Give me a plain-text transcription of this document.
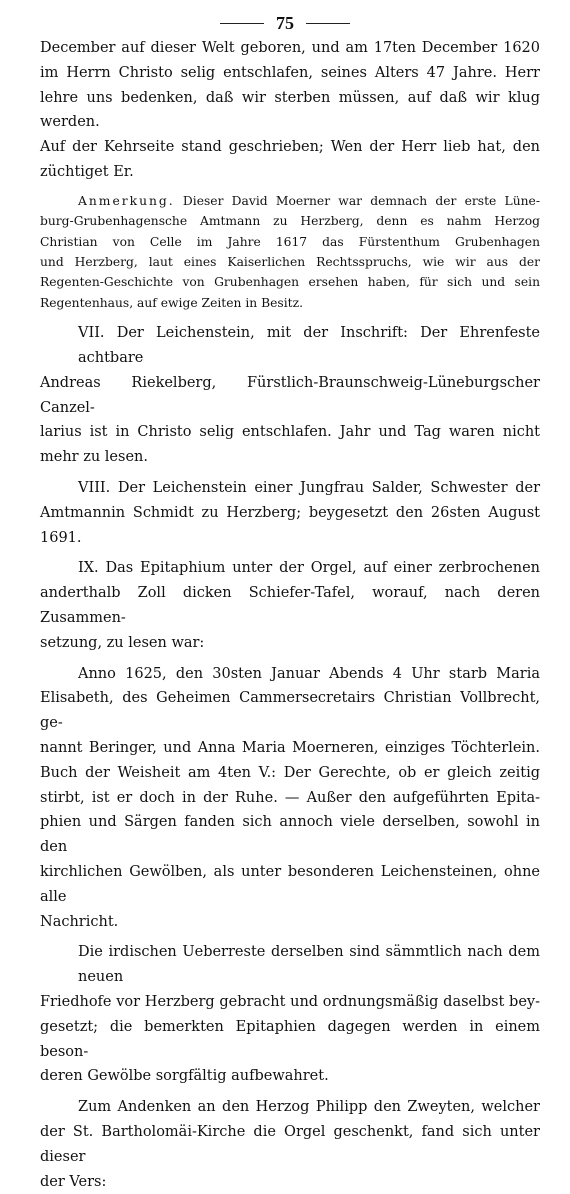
75

December auf dieser Welt geboren, und am 17ten December 1620

im Herrn Christo selig entschlafen, seines Alters 47 Jahre. Herr

lehre uns bedenken, daß wir sterben müssen, auf daß wir klug werden.

Auf der Kehrseite stand geschrieben; Wen der Herr lieb hat, den

züchtiget Er.

Anmerkung. Dieser David Moerner war demnach der erste Lüne-

burg-Grubenhagensche Amtmann zu Herzberg, denn es nahm Herzog

Christian von Celle im Jahre 1617 das Fürstenthum Grubenhagen

und Herzberg, laut eines Kaiserlichen Rechtsspruchs, wie wir aus der

Regenten-Geschichte von Grubenhagen ersehen haben, für sich und sein

Regentenhaus, auf ewige Zeiten in Besitz.

VII. Der Leichenstein, mit der Inschrift: Der Ehrenfeste achtbare

Andreas Riekelberg, Fürstlich-Braunschweig-Lüneburgscher Canzel-

larius ist in Christo selig entschlafen. Jahr und Tag waren nicht

mehr zu lesen.

VIII. Der Leichenstein einer Jungfrau Salder, Schwester der

Amtmannin Schmidt zu Herzberg; beygesetzt den 26sten August 1691.

IX. Das Epitaphium unter der Orgel, auf einer zerbrochenen

anderthalb Zoll dicken Schiefer-Tafel, worauf, nach deren Zusammen-

setzung, zu lesen war:

Anno 1625, den 30sten Januar Abends 4 Uhr starb Maria

Elisabeth, des Geheimen Cammersecretairs Christian Vollbrecht, ge-

nannt Beringer, und Anna Maria Moerneren, einziges Töchterlein.

Buch der Weisheit am 4ten V.: Der Gerechte, ob er gleich zeitig

stirbt, ist er doch in der Ruhe. — Außer den aufgeführten Epita-

phien und Särgen fanden sich annoch viele derselben, sowohl in den

kirchlichen Gewölben, als unter besonderen Leichensteinen, ohne alle

Nachricht.

Die irdischen Ueberreste derselben sind sämmtlich nach dem neuen

Friedhofe vor Herzberg gebracht und ordnungsmäßig daselbst bey-

gesetzt; die bemerkten Epitaphien dagegen werden in einem beson-

deren Gewölbe sorgfältig aufbewahret.

Zum Andenken an den Herzog Philipp den Zweyten, welcher

der St. Bartholomäi-Kirche die Orgel geschenkt, fand sich unter dieser

der Vers:
